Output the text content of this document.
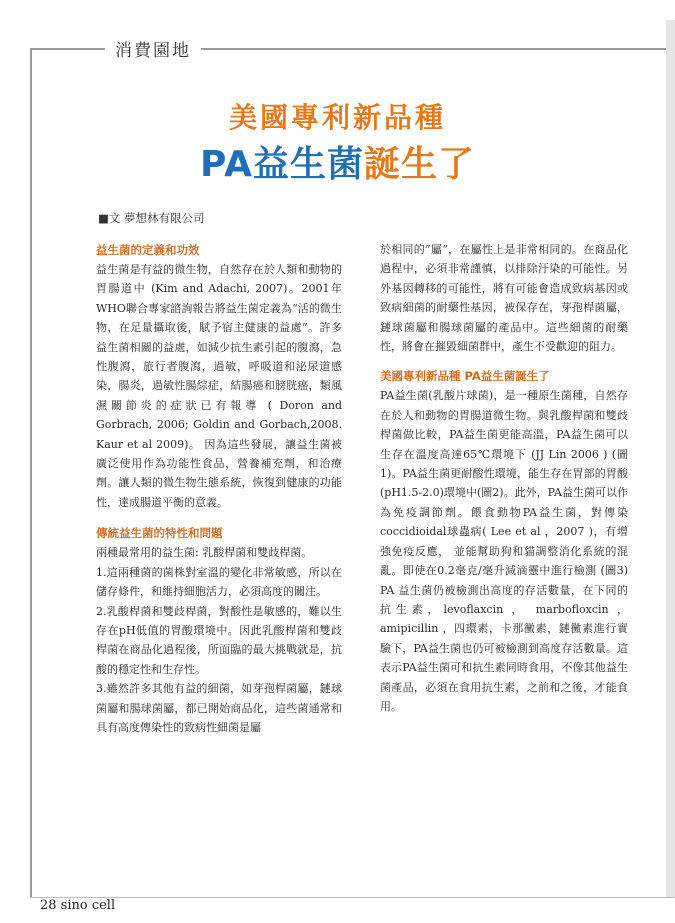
消費園地
美國專利新品種
PA益生菌誕生了
■文 夢想林有限公司

益生菌的定義和功效

益生菌是有益的微生物，自然存在於人類和動物的胃腸道中 (Kim and Adachi, 2007)。2001年WHO聯合專家諮詢報告將益生菌定義為“活的微生物，在足量攝取後，賦予宿主健康的益處”。許多益生菌相關的益處，如減少抗生素引起的腹瀉，急性腹瀉，旅行者腹瀉，過敏，呼吸道和泌尿道感染，腸炎，過敏性腸綜症，結腸癌和膀胱癌，類風濕關節炎的症狀已有報導 ( Doron and Gorbrach, 2006; Goldin and Gorbach,2008. Kaur et al 2009)。 因為這些發展，讓益生菌被廣泛使用作為功能性食品，營養補充劑，和治療劑。讓人類的微生物生態系統，恢復到健康的功能性，達成腸道平衡的意義。

傳統益生菌的特性和問題

兩種最常用的益生菌: 乳酸桿菌和雙歧桿菌。

1.這兩種菌的菌株對室溫的變化非常敏感，所以在儲存條件，和維持細胞活力，必須高度的關注。

2.乳酸桿菌和雙歧桿菌，對酸性是敏感的，難以生存在pH低值的胃酸環境中。因此乳酸桿菌和雙歧桿菌在商品化過程後，所面臨的最大挑戰就是，抗酸的穩定性和生存性。

3.雖然許多其他有益的細菌，如芽孢桿菌屬，鏈球菌屬和腸球菌屬，都已開始商品化，這些菌通常和具有高度傳染性的致病性細菌是屬

於相同的”屬”，在屬性上是非常相同的。在商品化過程中，必須非常謹慎，以排除汙染的可能性。另外基因轉移的可能性，將有可能會造成致病基因或致病細菌的耐藥性基因，被保存在，芽孢桿菌屬，鏈球菌屬和腸球菌屬的產品中。這些細菌的耐藥性，將會在摧毀細菌群中，產生不受歡迎的阻力。

美國專利新品種 PA益生菌誕生了

PA益生菌(乳酸片球菌)，是一種原生菌種，自然存在於人和動物的胃腸道微生物。與乳酸桿菌和雙歧桿菌做比較，PA益生菌更能高溫，PA益生菌可以生存在溫度高達65℃環境下 (JJ Lin 2006 ) (圖1)。PA益生菌更耐酸性環境，能生存在胃部的胃酸 (pH1.5-2.0)環境中(圖2)。此外，PA益生菌可以作為免疫調節劑。餵食動物PA益生菌，對傳染coccidioidal球蟲病( Lee et al ，2007 )，有增強免疫反應， 並能幫助狗和貓調整消化系統的混亂。即使在0.2毫克/毫升減滴靈中進行檢測 (圖3) PA 益生菌仍被檢測出高度的存活數量，在下同的抗生素，levoflaxcin ， marbofloxcin ， amipicillin ，四環素，卡那黴素，鏈黴素進行實驗下，PA益生菌也仍可被檢測到高度存活數量。這表示PA益生菌可和抗生素同時食用，不像其他益生菌產品，必須在食用抗生素，之前和之後，才能食用。

28 sino cell
